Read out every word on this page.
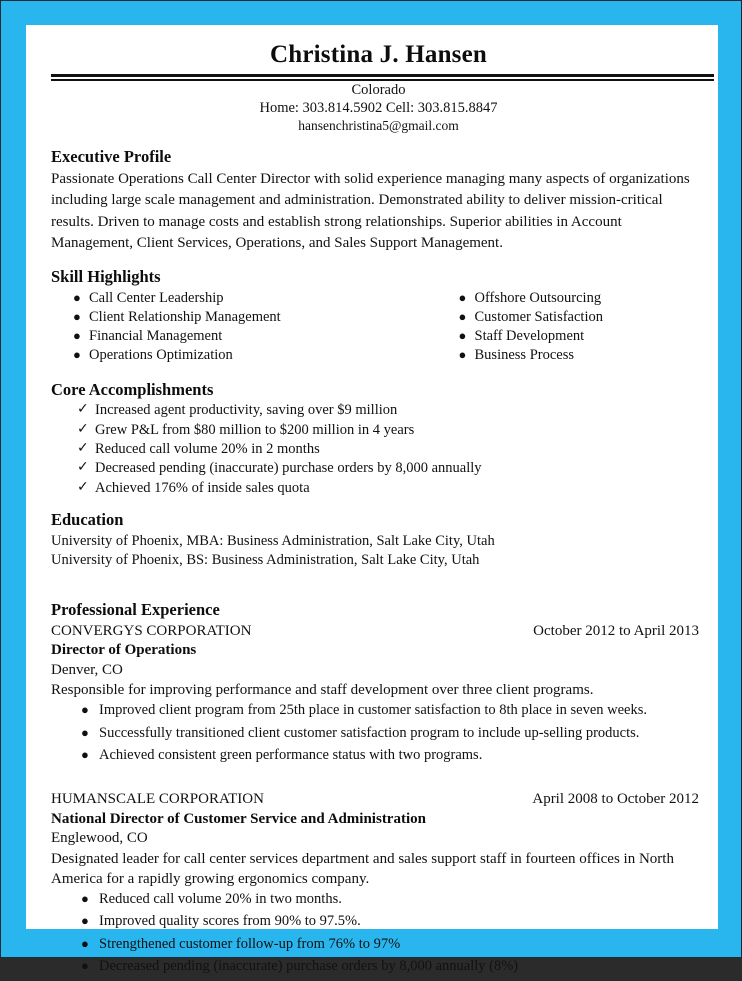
Christina J. Hansen
Colorado
Home: 303.814.5902 Cell: 303.815.8847
hansenchristina5@gmail.com
Executive Profile

Passionate Operations Call Center Director with solid experience managing many aspects of organizations including large scale management and administration. Demonstrated ability to deliver mission-critical results. Driven to manage costs and establish strong relationships. Superior abilities in Account Management, Client Services, Operations, and Sales Support Management.

Skill Highlights
● Call Center Leadership
● Client Relationship Management
● Financial Management
● Operations Optimization
● Offshore Outsourcing
● Customer Satisfaction
● Staff Development
● Business Process
Core Accomplishments
✓ Increased agent productivity, saving over $9 million
✓ Grew P&L from $80 million to $200 million in 4 years
✓ Reduced call volume 20% in 2 months
✓ Decreased pending (inaccurate) purchase orders by 8,000 annually
✓ Achieved 176% of inside sales quota
Education
University of Phoenix, MBA: Business Administration, Salt Lake City, Utah
University of Phoenix, BS: Business Administration, Salt Lake City, Utah
Professional Experience
CONVERGYS CORPORATION	October 2012 to April 2013
Director of Operations
Denver, CO
Responsible for improving performance and staff development over three client programs.
● Improved client program from 25th place in customer satisfaction to 8th place in seven weeks.
● Successfully transitioned client customer satisfaction program to include up-selling products.
● Achieved consistent green performance status with two programs.
HUMANSCALE CORPORATION	April 2008 to October 2012
National Director of Customer Service and Administration
Englewood, CO
Designated leader for call center services department and sales support staff in fourteen offices in North America for a rapidly growing ergonomics company.
● Reduced call volume 20% in two months.
● Improved quality scores from 90% to 97.5%.
● Strengthened customer follow-up from 76% to 97%
● Decreased pending (inaccurate) purchase orders by 8,000 annually (8%)
